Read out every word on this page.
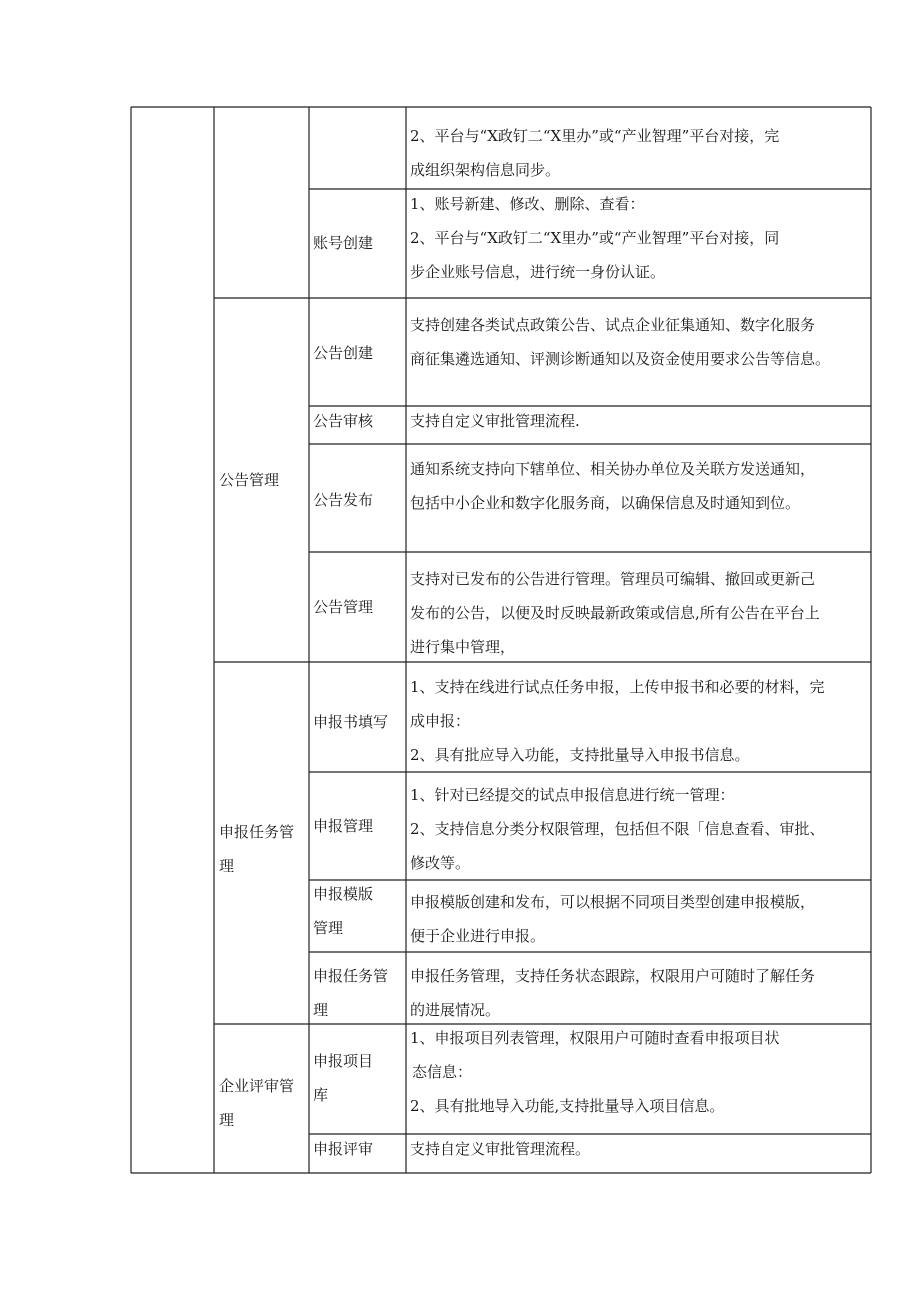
2、平台与“X政钉二“X里办”或“产业智理”平台对接，完
成组织架构信息同步。
账号创建
1、账号新建、修改、删除、查看：
2、平台与“X政钉二“X里办”或“产业智理”平台对接，同
步企业账号信息，进行统一身份认证。
公告管理
公告创建
支持创建各类试点政策公告、试点企业征集通知、数字化服务
商征集遴选通知、评测诊断通知以及资金使用要求公告等信息。
公告审核	支持自定义审批管理流程.
公告发布
通知系统支持向下辖单位、相关协办单位及关联方发送通知，
包括中小企业和数字化服务商，以确保信息及时通知到位。
公告管理
支持对已发布的公告进行管理。管理员可编辑、撤回或更新己
发布的公告，以便及时反映最新政策或信息,所有公告在平台上
进行集中管理，
申报任务管
理
申报书填写
1、支持在线进行试点任务申报，上传申报书和必要的材料，完
成申报：
2、具有批应导入功能，支持批量导入申报书信息。
申报管理
1、针对已经提交的试点申报信息进行统一管理：
2、支持信息分类分权限管理，包括但不限「信息查看、审批、
修改等。
申报模版
管理
申报模版创建和发布，可以根据不同项目类型创建申报模版，
便于企业进行申报。
申报任务管
理
申报任务管理，支持任务状态跟踪，权限用户可随时了解任务
的进展情况。
企业评审管
理
申报项目
库
1、申报项目列表管理，权限用户可随时查看申报项目状
态信息：
2、具有批地导入功能,支持批量导入项目信息。
申报评审	支持自定义审批管理流程。
